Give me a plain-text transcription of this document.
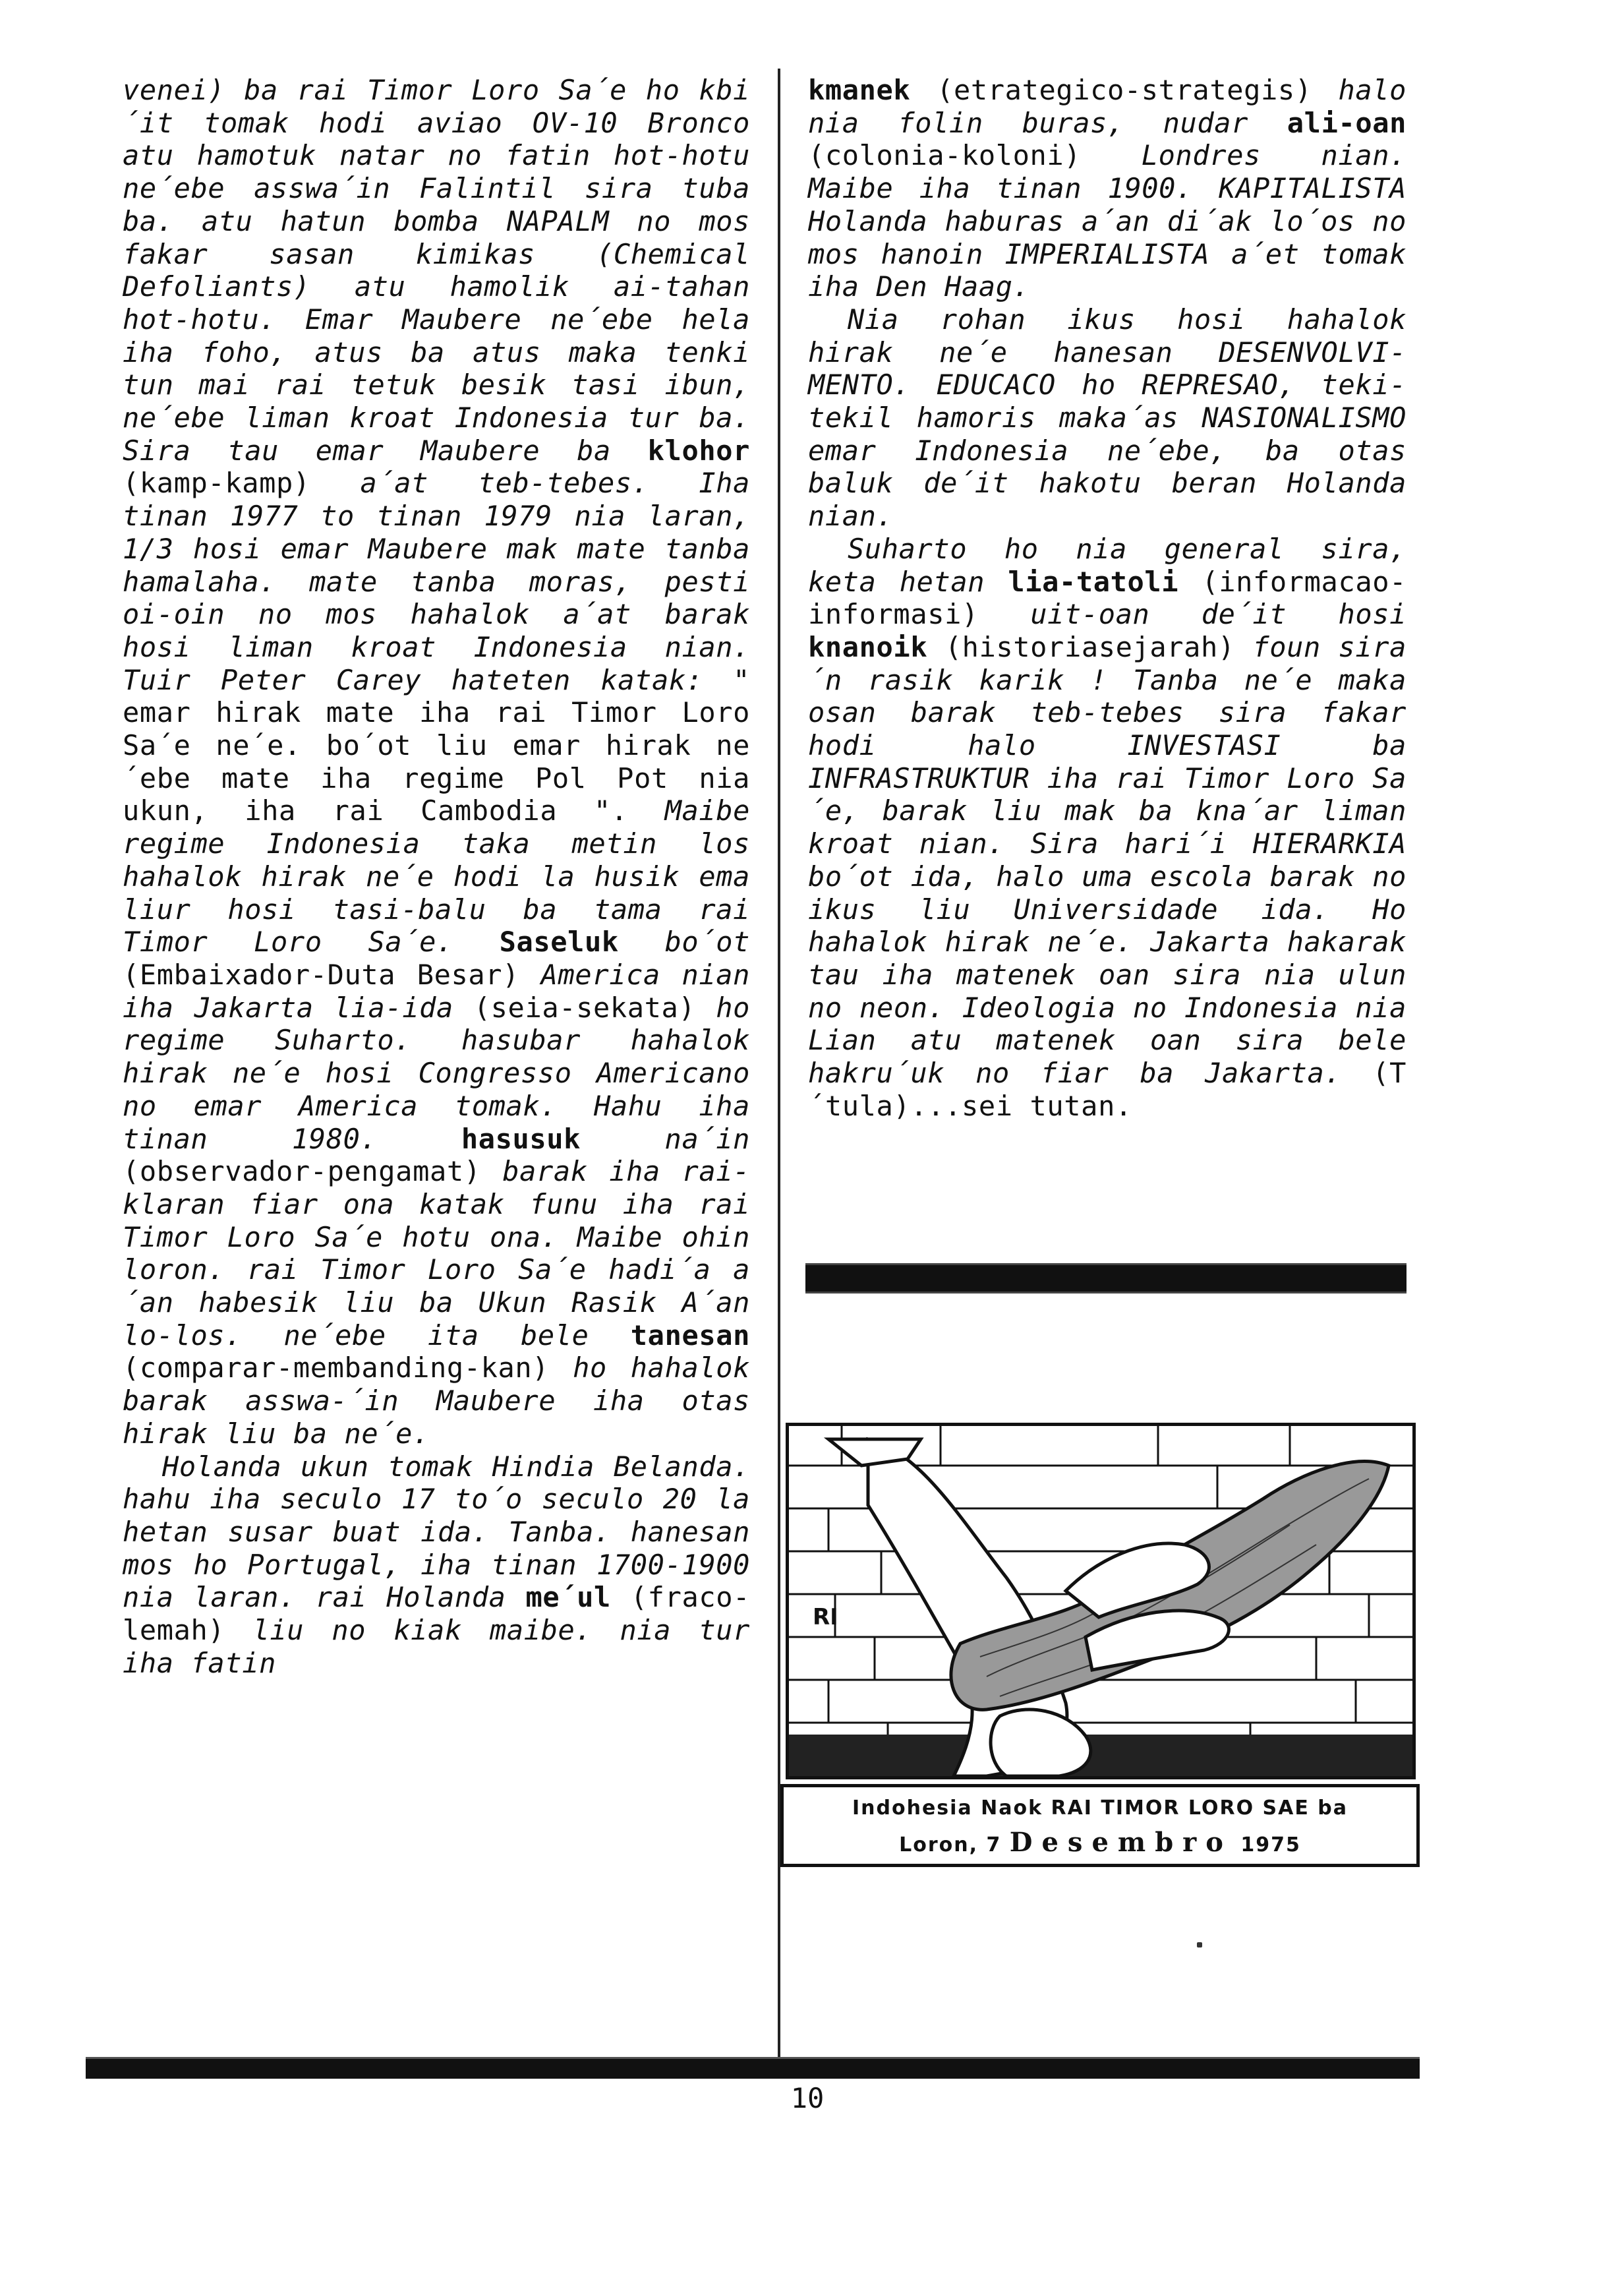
venei) ba rai Timor Loro Sa´e ho kbi´it tomak hodi aviao OV-10 Bronco atu hamotuk natar no fatin hot-hotu ne´ebe asswa´in Falintil sira tuba ba. atu hatun bomba NAPALM no mos fakar sasan kimikas (Chemical Defoliants) atu hamolik ai-tahan hot-hotu. Emar Maubere ne´ebe hela iha foho, atus ba atus maka tenki tun mai rai tetuk besik tasi ibun, ne´ebe liman kroat Indonesia tur ba. Sira tau emar Maubere ba klohor (kamp-kamp) a´at teb-tebes. Iha tinan 1977 to tinan 1979 nia laran, 1/3 hosi emar Maubere mak mate tanba hamalaha. mate tanba moras, pesti oi-oin no mos hahalok a´at barak hosi liman kroat Indonesia nian. Tuir Peter Carey hateten katak: " emar hirak mate iha rai Timor Loro Sa´e ne´e. bo´ot liu emar hirak ne´ebe mate iha regime Pol Pot nia ukun, iha rai Cambodia ". Maibe regime Indonesia taka metin los hahalok hirak ne´e hodi la husik ema liur hosi tasi-balu ba tama rai Timor Loro Sa´e. Saseluk bo´ot (Embaixador-Duta Besar) America nian iha Jakarta lia-ida (seia-sekata) ho regime Suharto. hasubar hahalok hirak ne´e hosi Congresso Americano no emar America tomak. Hahu iha tinan 1980. hasusuk na´in (observador-pengamat) barak iha rai-klaran fiar ona katak funu iha rai Timor Loro Sa´e hotu ona. Maibe ohin loron. rai Timor Loro Sa´e hadi´a a´an habesik liu ba Ukun Rasik A´an lo-los. ne´ebe ita bele tanesan (comparar-membanding-kan) ho hahalok barak asswa-´in Maubere iha otas hirak liu ba ne´e.

Holanda ukun tomak Hindia Belanda. hahu iha seculo 17 to´o seculo 20 la hetan susar buat ida. Tanba. hanesan mos ho Portugal, iha tinan 1700-1900 nia laran. rai Holanda me´ul (fraco-lemah) liu no kiak maibe. nia tur iha fatin

kmanek (etrategico-strategis) halo nia folin buras, nudar ali-oan (colonia-koloni) Londres nian. Maibe iha tinan 1900. KAPITALISTA Holanda haburas a´an di´ak lo´os no mos hanoin IMPERIALISTA a´et tomak iha Den Haag.

Nia rohan ikus hosi hahalok hirak ne´e hanesan DESENVOLVI-MENTO. EDUCACO ho REPRESAO, teki-tekil hamoris maka´as NASIONALISMO emar Indonesia ne´ebe, ba otas baluk de´it hakotu beran Holanda nian.

Suharto ho nia general sira, keta hetan lia-tatoli (informacao-informasi) uit-oan de´it hosi knanoik (historiasejarah) foun sira´n rasik karik ! Tanba ne´e maka osan barak teb-tebes sira fakar hodi halo INVESTASI ba INFRASTRUKTUR iha rai Timor Loro Sa´e, barak liu mak ba kna´ar liman kroat nian. Sira hari´i HIERARKIA bo´ot ida, halo uma escola barak no ikus liu Universidade ida. Ho hahalok hirak ne´e. Jakarta hakarak tau iha matenek oan sira nia ulun no neon. Ideologia no Indonesia nia Lian atu matenek oan sira bele hakru´uk no fiar ba Jakarta. (T´tula)...sei tutan.

RI
Indohesia Naok RAI TIMOR LORO SAE ba
Loron, 7 Desembro 1975
10
